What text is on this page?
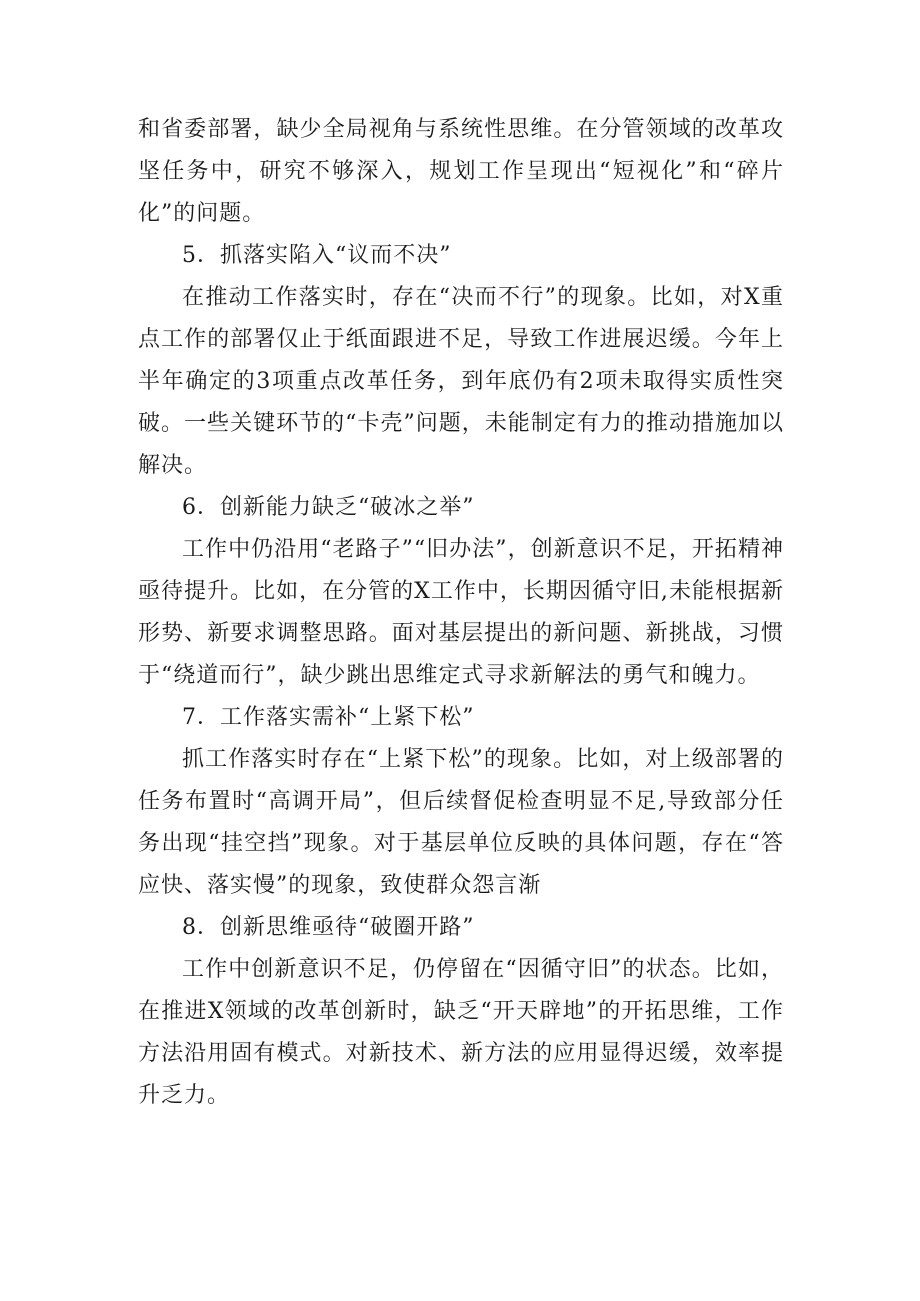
和省委部署，缺少全局视角与系统性思维。在分管领域的改革攻坚任务中，研究不够深入，规划工作呈现出“短视化”和“碎片化”的问题。

5．抓落实陷入“议而不决”

在推动工作落实时，存在“决而不行”的现象。比如，对X重点工作的部署仅止于纸面跟进不足，导致工作进展迟缓。今年上半年确定的3项重点改革任务，到年底仍有2项未取得实质性突破。一些关键环节的“卡壳”问题，未能制定有力的推动措施加以解决。

6．创新能力缺乏“破冰之举”

工作中仍沿用“老路子”“旧办法”，创新意识不足，开拓精神亟待提升。比如，在分管的X工作中，长期因循守旧,未能根据新形势、新要求调整思路。面对基层提出的新问题、新挑战，习惯于“绕道而行”，缺少跳出思维定式寻求新解法的勇气和魄力。

7．工作落实需补“上紧下松”

抓工作落实时存在“上紧下松”的现象。比如，对上级部署的任务布置时“高调开局”，但后续督促检查明显不足,导致部分任务出现“挂空挡”现象。对于基层单位反映的具体问题，存在“答应快、落实慢”的现象，致使群众怨言渐

8．创新思维亟待“破圈开路”

工作中创新意识不足，仍停留在“因循守旧”的状态。比如，在推进X领域的改革创新时，缺乏“开天辟地”的开拓思维，工作方法沿用固有模式。对新技术、新方法的应用显得迟缓，效率提升乏力。
